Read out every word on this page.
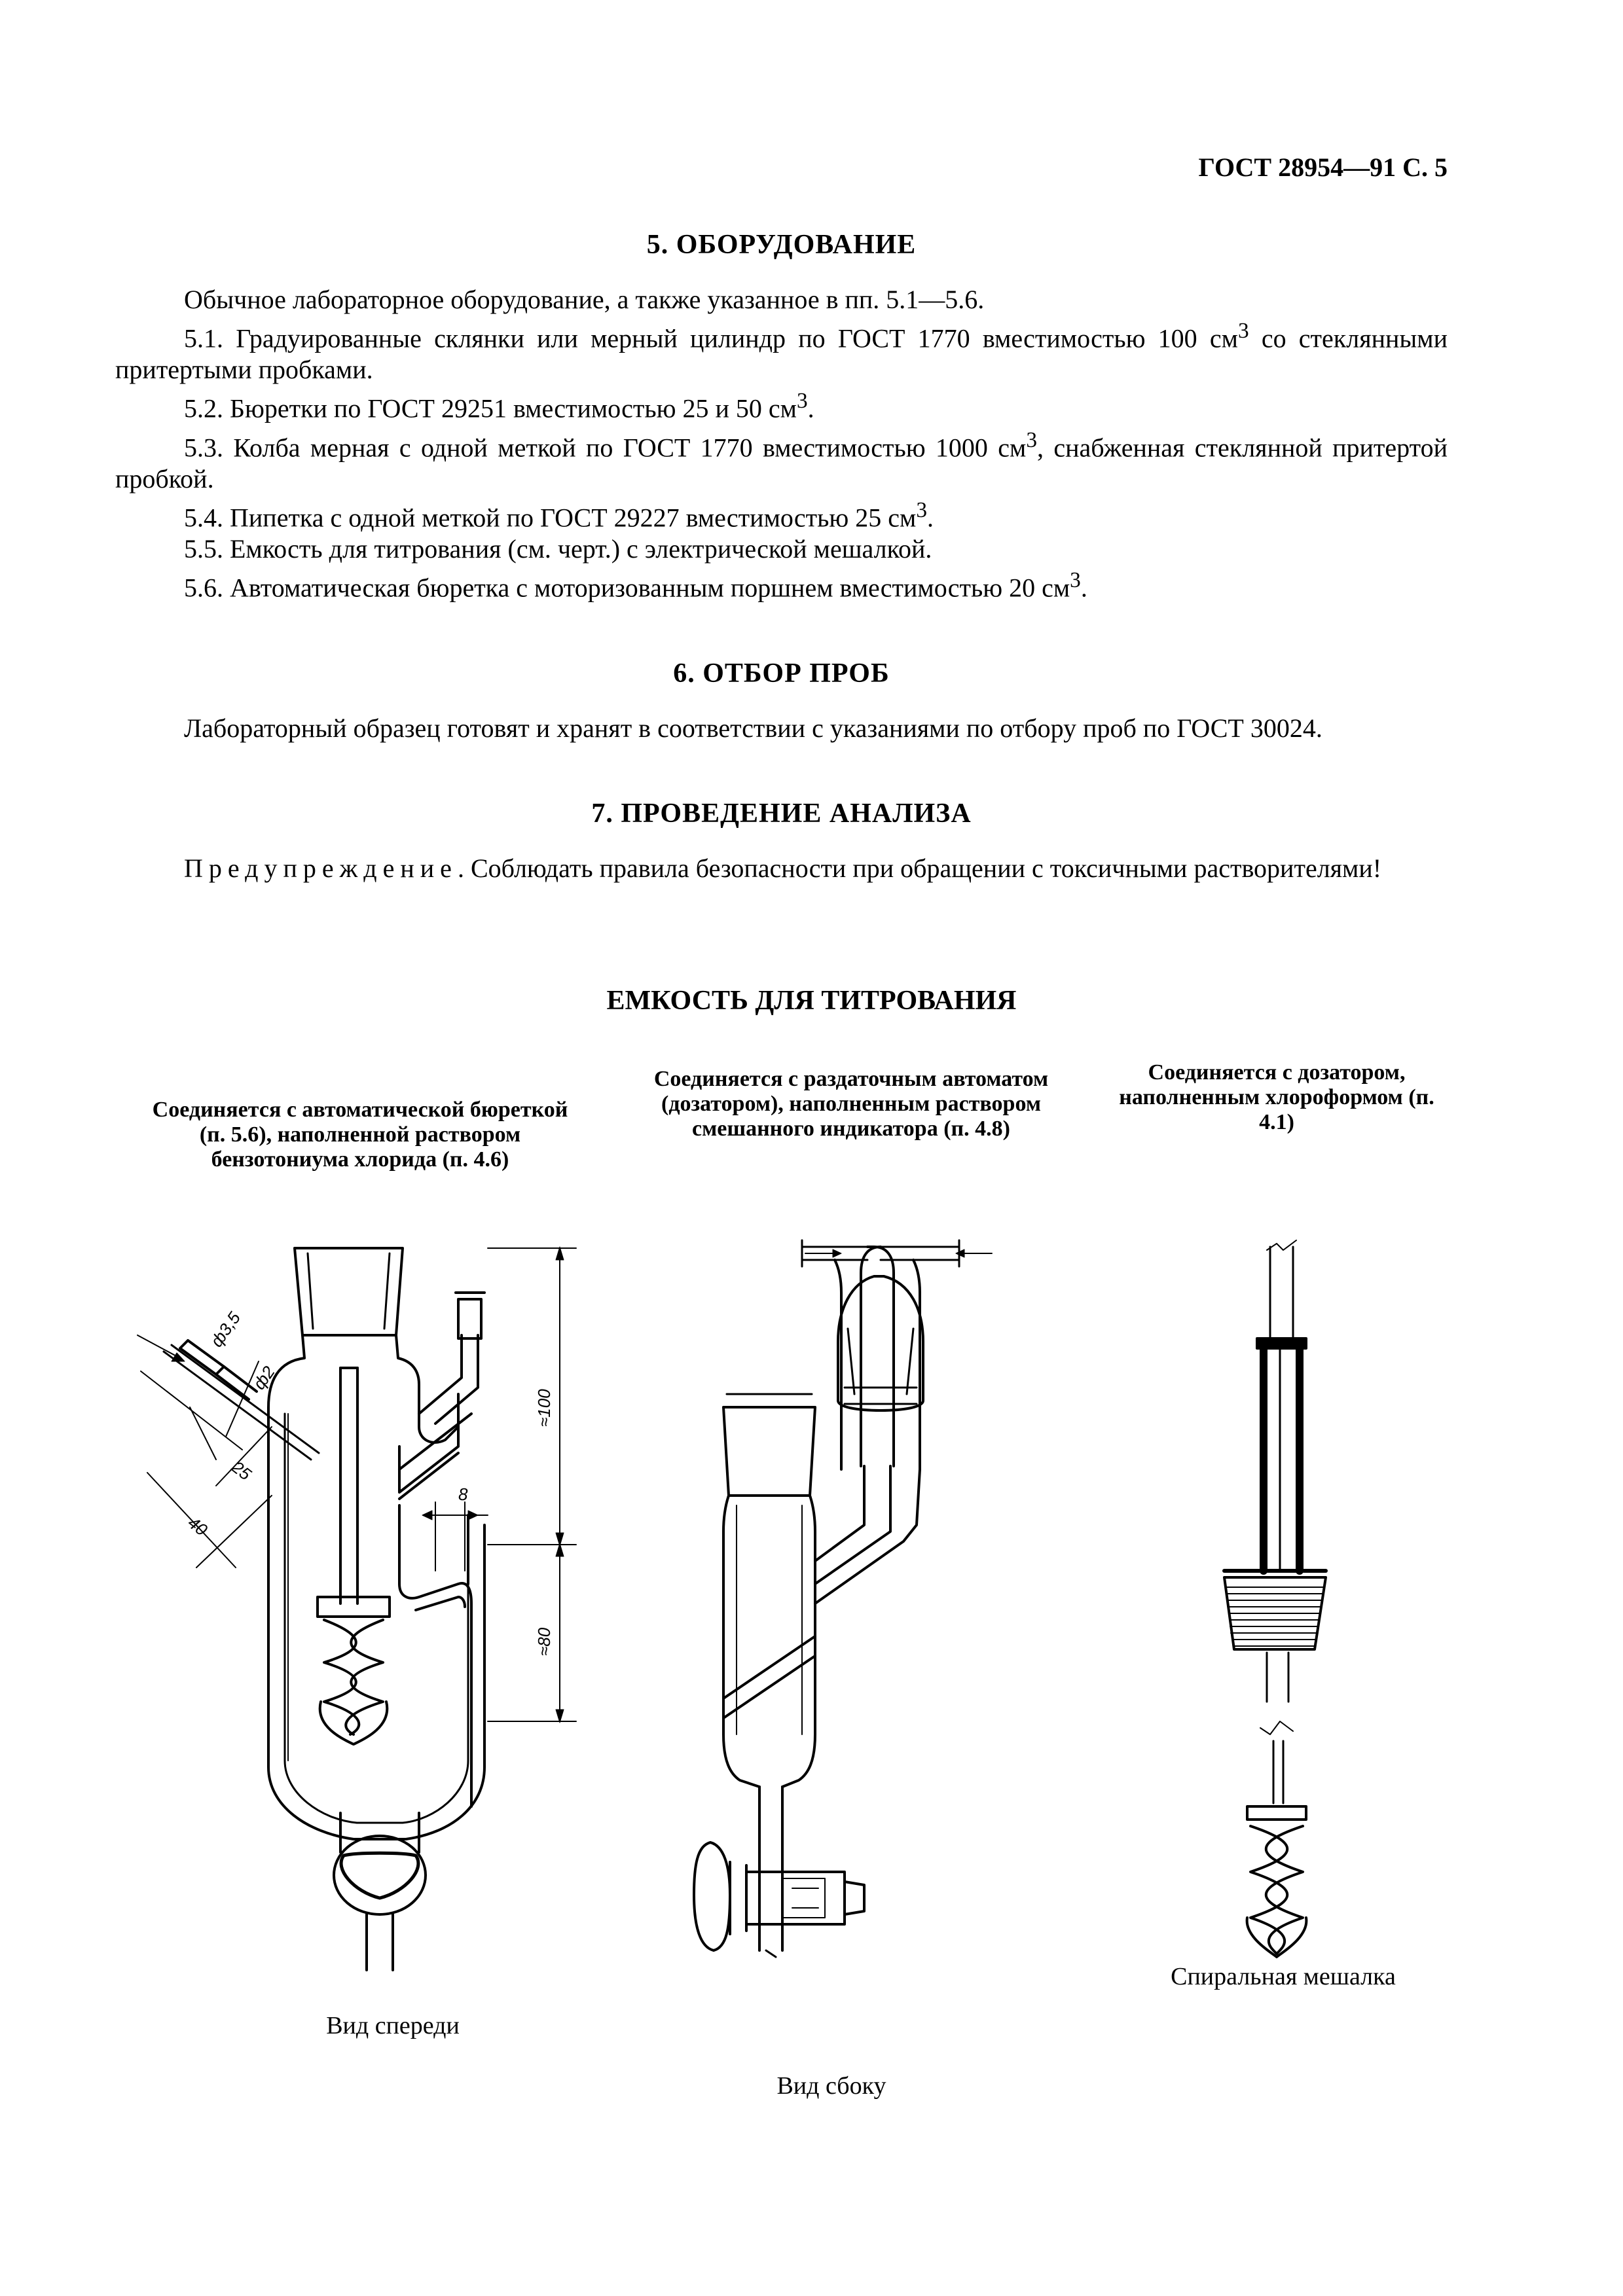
ГОСТ 28954—91 С. 5
5. ОБОРУДОВАНИЕ

Обычное лабораторное оборудование, а также указанное в пп. 5.1—5.6.

5.1. Градуированные склянки или мерный цилиндр по ГОСТ 1770 вместимостью 100 $см^3$ со стеклянными притертыми пробками.

5.2. Бюретки по ГОСТ 29251 вместимостью 25 и 50 $см^3$.

5.3. Колба мерная с одной меткой по ГОСТ 1770 вместимостью 1000 $см^3$, снабженная стеклянной притертой пробкой.

5.4. Пипетка с одной меткой по ГОСТ 29227 вместимостью 25 $см^3$.

5.5. Емкость для титрования (см. черт.) с электрической мешалкой.

5.6. Автоматическая бюретка с моторизованным поршнем вместимостью 20 $см^3$.

6. ОТБОР ПРОБ

Лабораторный образец готовят и хранят в соответствии с указаниями по отбору проб по ГОСТ 30024.

7. ПРОВЕДЕНИЕ АНАЛИЗА

Предупреждение. Соблюдать правила безопасности при обращении с токсичными растворителями!

ЕМКОСТЬ ДЛЯ ТИТРОВАНИЯ
Соединяется с автоматической бюреткой (п. 5.6), наполненной раствором бензотониума хлорида (п. 4.6)
Соединяется с раздаточным автоматом (дозатором), наполненным раствором смешанного индикатора (п. 4.8)
Соединяется с дозатором, наполненным хлороформом (п. 4.1)
ф3,5
ф2
25
40
8
≈100
≈80
Вид спереди
Вид сбоку
Спиральная мешалка
